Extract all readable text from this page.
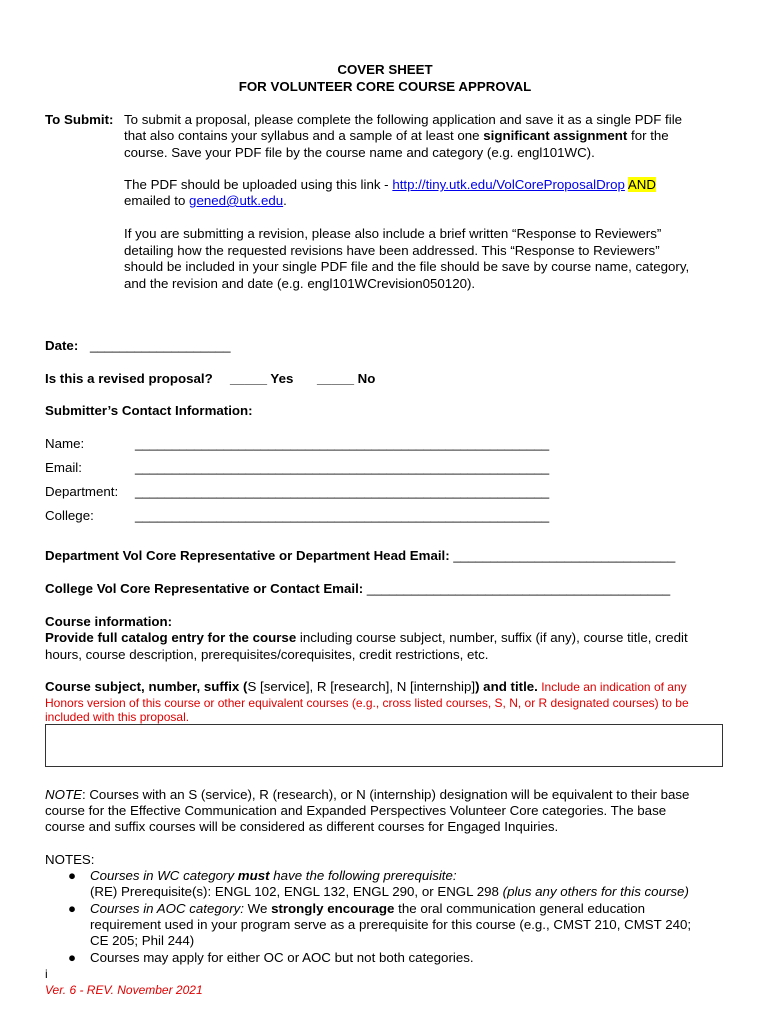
COVER SHEET
FOR VOLUNTEER CORE COURSE APPROVAL
To Submit: To submit a proposal, please complete the following application and save it as a single PDF file
that also contains your syllabus and a sample of at least one significant assignment for the
course. Save your PDF file by the course name and category (e.g. engl101WC).
The PDF should be uploaded using this link - http://tiny.utk.edu/VolCoreProposalDrop AND
emailed to gened@utk.edu.
If you are submitting a revision, please also include a brief written “Response to Reviewers”
detailing how the requested revisions have been addressed. This “Response to Reviewers”
should be included in your single PDF file and the file should be save by course name, category,
and the revision and date (e.g. engl101WCrevision050120).
Date: ___________________
Is this a revised proposal? _____ Yes _____ No
Submitter’s Contact Information:
Name:	________________________________________________________
Email:	________________________________________________________
Department: ________________________________________________________
College:	________________________________________________________
Department Vol Core Representative or Department Head Email: ______________________________
College Vol Core Representative or Contact Email: _________________________________________
Course information:
Provide full catalog entry for the course including course subject, number, suffix (if any), course title, credit
hours, course description, prerequisites/corequisites, credit restrictions, etc.
Course subject, number, suffix (S [service], R [research], N [internship]) and title. Include an indication of any
Honors version of this course or other equivalent courses (e.g., cross listed courses, S, N, or R designated courses) to be
included with this proposal.
NOTE: Courses with an S (service), R (research), or N (internship) designation will be equivalent to their base
course for the Effective Communication and Expanded Perspectives Volunteer Core categories. The base
course and suffix courses will be considered as different courses for Engaged Inquiries.
NOTES:
● Courses in WC category must have the following prerequisite:
(RE) Prerequisite(s): ENGL 102, ENGL 132, ENGL 290, or ENGL 298 (plus any others for this course)
● Courses in AOC category: We strongly encourage the oral communication general education
requirement used in your program serve as a prerequisite for this course (e.g., CMST 210, CMST 240;
CE 205; Phil 244)
● Courses may apply for either OC or AOC but not both categories.
i
Ver. 6 - REV. November 2021
